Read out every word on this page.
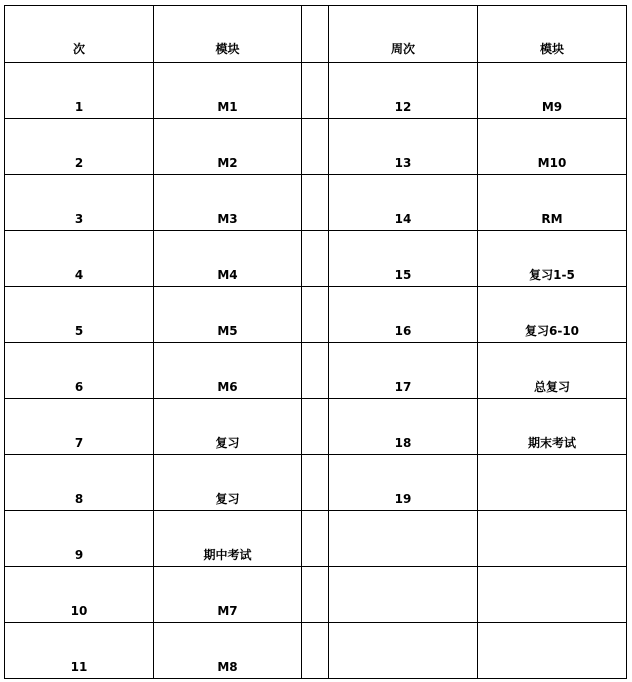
次	模块		周次	模块
1	M1		12	M9
2	M2		13	M10
3	M3		14	RM
4	M4		15	复习1-5
5	M5		16	复习6-10
6	M6		17	总复习
7	复习		18	期末考试
8	复习		19	
9	期中考试			
10	M7			
11	M8			
